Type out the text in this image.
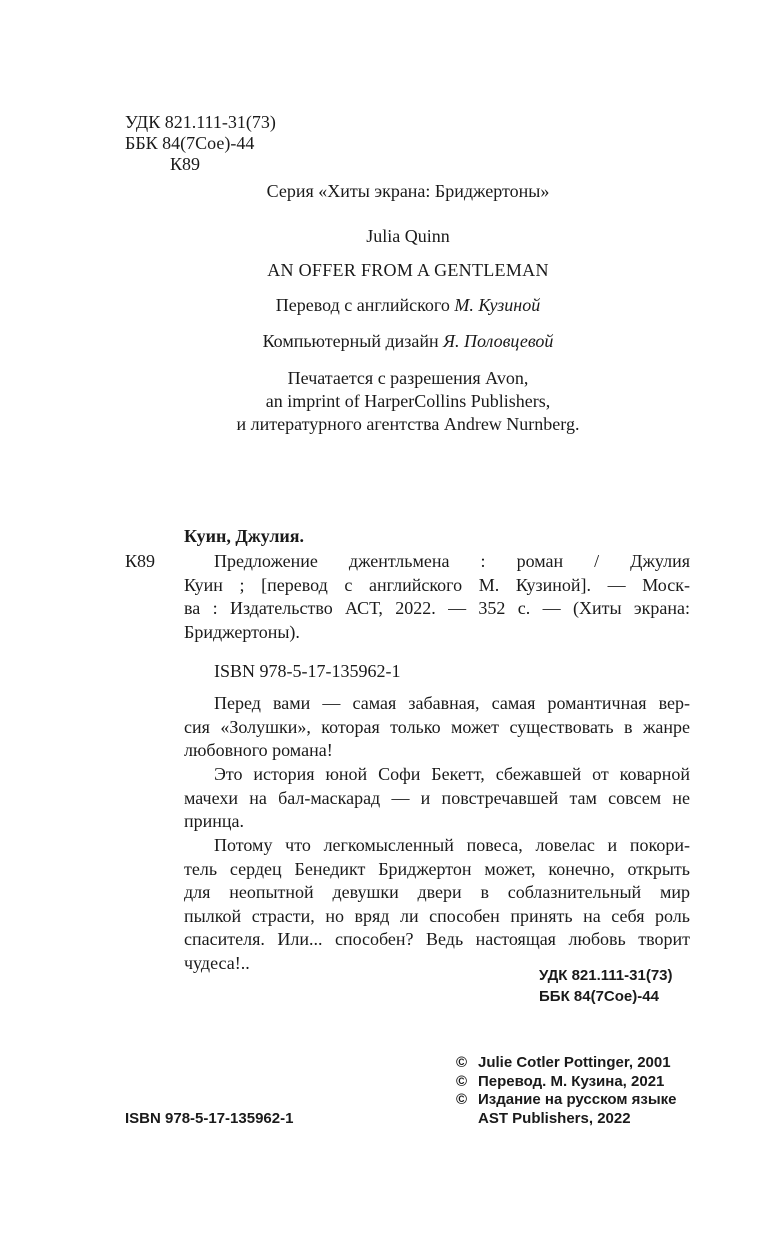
УДК 821.111-31(73)
ББК 84(7Сое)-44
К89
Серия «Хиты экрана: Бриджертоны»
Julia Quinn
AN OFFER FROM A GENTLEMAN
Перевод с английского М. Кузиной
Компьютерный дизайн Я. Половцевой
Печатается с разрешения Avon,
an imprint of HarperCollins Publishers,
и литературного агентства Andrew Nurnberg.
Куин, Джулия.
К89	Предложение джентльмена : роман / Джулия
Куин ; [перевод с английского М. Кузиной]. — Моск-
ва : Издательство АСТ, 2022. — 352 с. — (Хиты экрана:
Бриджертоны).
ISBN 978-5-17-135962-1
Перед вами — самая забавная, самая романтичная вер-
сия «Золушки», которая только может существовать в жанре
любовного романа!
Это история юной Софи Бекетт, сбежавшей от коварной
мачехи на бал-маскарад — и повстречавшей там совсем не
принца.
Потому что легкомысленный повеса, ловелас и покори-
тель сердец Бенедикт Бриджертон может, конечно, открыть
для неопытной девушки двери в соблазнительный мир
пылкой страсти, но вряд ли способен принять на себя роль
спасителя. Или... способен? Ведь настоящая любовь творит
чудеса!..
УДК 821.111-31(73)
ББК 84(7Сое)-44
© Julie Cotler Pottinger, 2001
© Перевод. М. Кузина, 2021
© Издание на русском языке
AST Publishers, 2022
ISBN 978-5-17-135962-1
